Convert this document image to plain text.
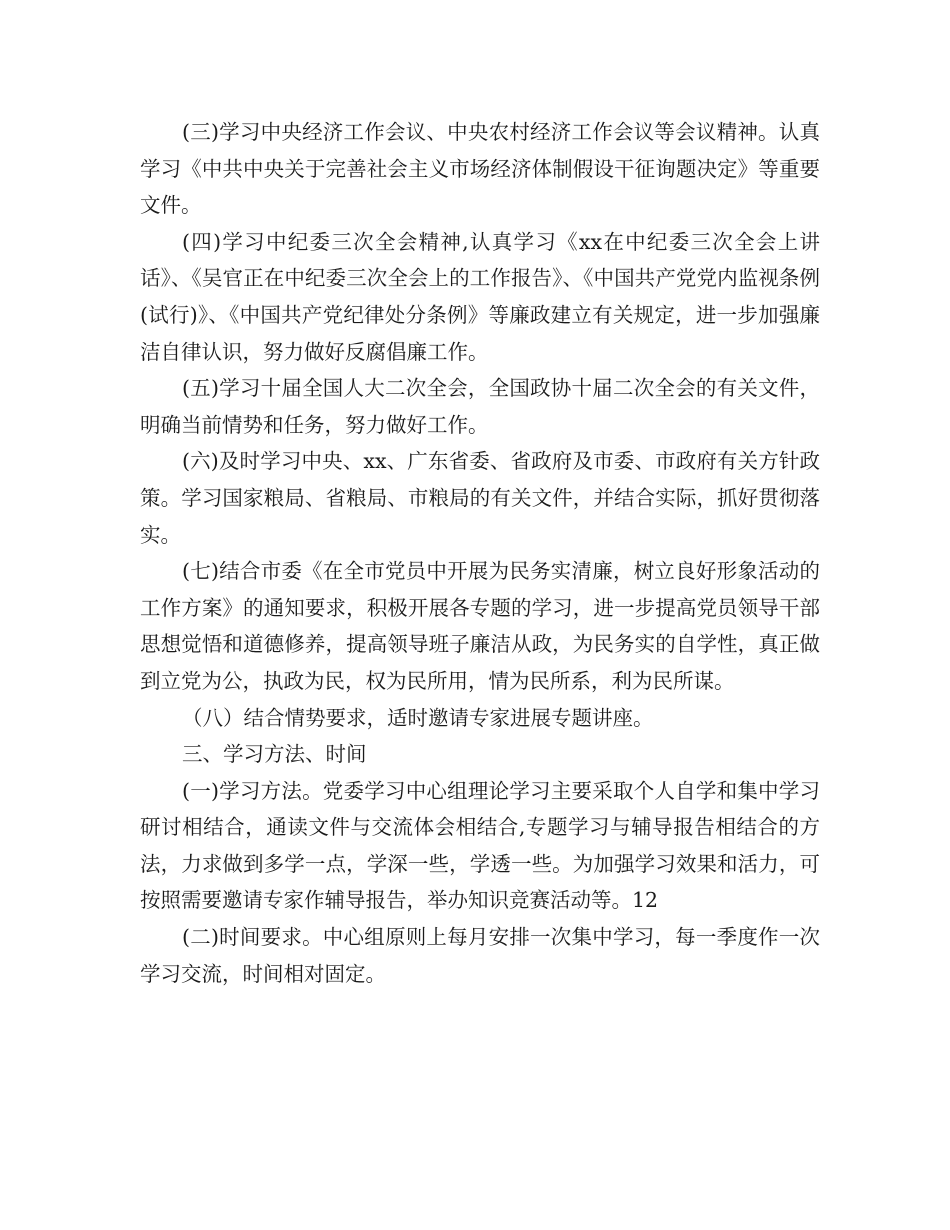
(三)学习中央经济工作会议、中央农村经济工作会议等会议精神。认真学习《中共中央关于完善社会主义市场经济体制假设干征询题决定》等重要文件。

(四)学习中纪委三次全会精神,认真学习《xx在中纪委三次全会上讲话》、《吴官正在中纪委三次全会上的工作报告》、《中国共产党党内监视条例(试行)》、《中国共产党纪律处分条例》等廉政建立有关规定，进一步加强廉洁自律认识，努力做好反腐倡廉工作。

(五)学习十届全国人大二次全会，全国政协十届二次全会的有关文件，明确当前情势和任务，努力做好工作。

(六)及时学习中央、xx、广东省委、省政府及市委、市政府有关方针政策。学习国家粮局、省粮局、市粮局的有关文件，并结合实际，抓好贯彻落实。

(七)结合市委《在全市党员中开展为民务实清廉，树立良好形象活动的工作方案》的通知要求，积极开展各专题的学习，进一步提高党员领导干部思想觉悟和道德修养，提高领导班子廉洁从政，为民务实的自学性，真正做到立党为公，执政为民，权为民所用，情为民所系，利为民所谋。

（八）结合情势要求，适时邀请专家进展专题讲座。

三、学习方法、时间

(一)学习方法。党委学习中心组理论学习主要采取个人自学和集中学习研讨相结合，通读文件与交流体会相结合,专题学习与辅导报告相结合的方法，力求做到多学一点，学深一些，学透一些。为加强学习效果和活力，可按照需要邀请专家作辅导报告，举办知识竞赛活动等。12

(二)时间要求。中心组原则上每月安排一次集中学习，每一季度作一次学习交流，时间相对固定。
